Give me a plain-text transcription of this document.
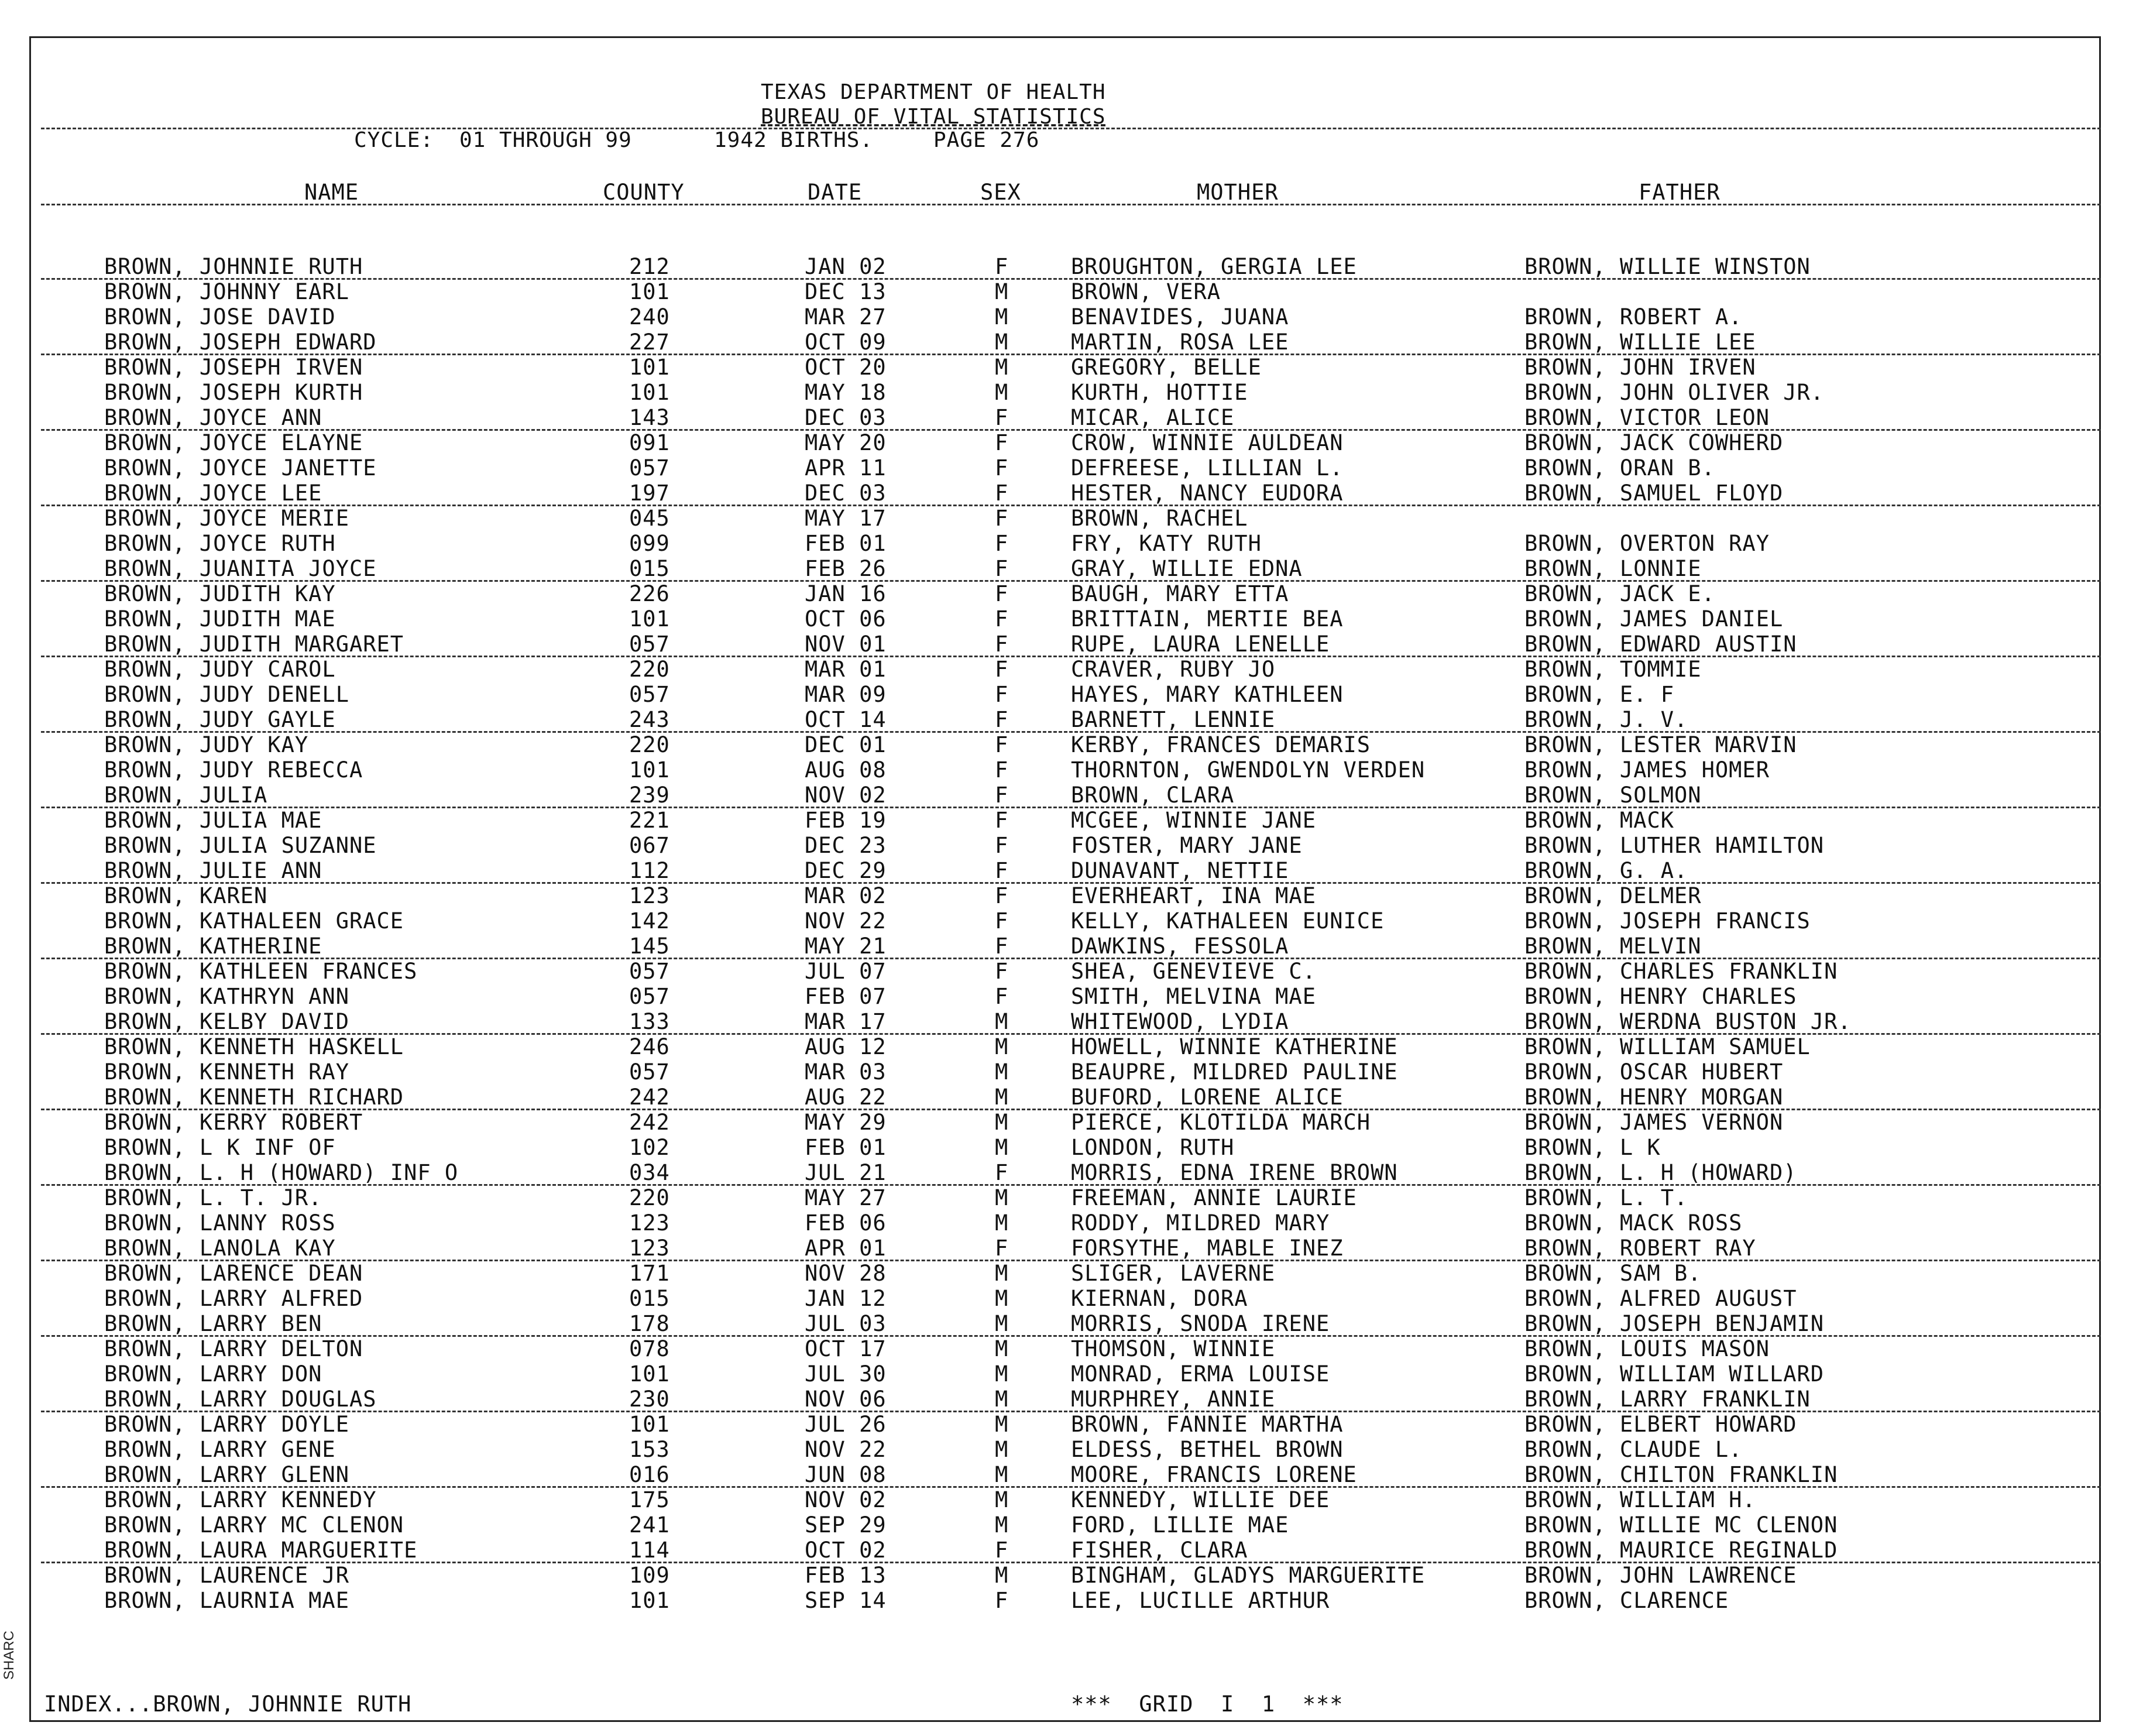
SHARC
TEXAS DEPARTMENT OF HEALTH
BUREAU OF VITAL STATISTICS
CYCLE: 01 THROUGH 99	1942 BIRTHS.	PAGE 276
NAME	COUNTY	DATE	SEX	MOTHER	FATHER
BROWN, JOHNNIE RUTH	212	JAN 02	F	BROUGHTON, GERGIA LEE	BROWN, WILLIE WINSTON
BROWN, JOHNNY EARL	101	DEC 13	M	BROWN, VERA
BROWN, JOSE DAVID	240	MAR 27	M	BENAVIDES, JUANA	BROWN, ROBERT A.
BROWN, JOSEPH EDWARD	227	OCT 09	M	MARTIN, ROSA LEE	BROWN, WILLIE LEE
BROWN, JOSEPH IRVEN	101	OCT 20	M	GREGORY, BELLE	BROWN, JOHN IRVEN
BROWN, JOSEPH KURTH	101	MAY 18	M	KURTH, HOTTIE	BROWN, JOHN OLIVER JR.
BROWN, JOYCE ANN	143	DEC 03	F	MICAR, ALICE	BROWN, VICTOR LEON
BROWN, JOYCE ELAYNE	091	MAY 20	F	CROW, WINNIE AULDEAN	BROWN, JACK COWHERD
BROWN, JOYCE JANETTE	057	APR 11	F	DEFREESE, LILLIAN L.	BROWN, ORAN B.
BROWN, JOYCE LEE	197	DEC 03	F	HESTER, NANCY EUDORA	BROWN, SAMUEL FLOYD
BROWN, JOYCE MERIE	045	MAY 17	F	BROWN, RACHEL
BROWN, JOYCE RUTH	099	FEB 01	F	FRY, KATY RUTH	BROWN, OVERTON RAY
BROWN, JUANITA JOYCE	015	FEB 26	F	GRAY, WILLIE EDNA	BROWN, LONNIE
BROWN, JUDITH KAY	226	JAN 16	F	BAUGH, MARY ETTA	BROWN, JACK E.
BROWN, JUDITH MAE	101	OCT 06	F	BRITTAIN, MERTIE BEA	BROWN, JAMES DANIEL
BROWN, JUDITH MARGARET	057	NOV 01	F	RUPE, LAURA LENELLE	BROWN, EDWARD AUSTIN
BROWN, JUDY CAROL	220	MAR 01	F	CRAVER, RUBY JO	BROWN, TOMMIE
BROWN, JUDY DENELL	057	MAR 09	F	HAYES, MARY KATHLEEN	BROWN, E. F
BROWN, JUDY GAYLE	243	OCT 14	F	BARNETT, LENNIE	BROWN, J. V.
BROWN, JUDY KAY	220	DEC 01	F	KERBY, FRANCES DEMARIS	BROWN, LESTER MARVIN
BROWN, JUDY REBECCA	101	AUG 08	F	THORNTON, GWENDOLYN VERDEN	BROWN, JAMES HOMER
BROWN, JULIA	239	NOV 02	F	BROWN, CLARA	BROWN, SOLMON
BROWN, JULIA MAE	221	FEB 19	F	MCGEE, WINNIE JANE	BROWN, MACK
BROWN, JULIA SUZANNE	067	DEC 23	F	FOSTER, MARY JANE	BROWN, LUTHER HAMILTON
BROWN, JULIE ANN	112	DEC 29	F	DUNAVANT, NETTIE	BROWN, G. A.
BROWN, KAREN	123	MAR 02	F	EVERHEART, INA MAE	BROWN, DELMER
BROWN, KATHALEEN GRACE	142	NOV 22	F	KELLY, KATHALEEN EUNICE	BROWN, JOSEPH FRANCIS
BROWN, KATHERINE	145	MAY 21	F	DAWKINS, FESSOLA	BROWN, MELVIN
BROWN, KATHLEEN FRANCES	057	JUL 07	F	SHEA, GENEVIEVE C.	BROWN, CHARLES FRANKLIN
BROWN, KATHRYN ANN	057	FEB 07	F	SMITH, MELVINA MAE	BROWN, HENRY CHARLES
BROWN, KELBY DAVID	133	MAR 17	M	WHITEWOOD, LYDIA	BROWN, WERDNA BUSTON JR.
BROWN, KENNETH HASKELL	246	AUG 12	M	HOWELL, WINNIE KATHERINE	BROWN, WILLIAM SAMUEL
BROWN, KENNETH RAY	057	MAR 03	M	BEAUPRE, MILDRED PAULINE	BROWN, OSCAR HUBERT
BROWN, KENNETH RICHARD	242	AUG 22	M	BUFORD, LORENE ALICE	BROWN, HENRY MORGAN
BROWN, KERRY ROBERT	242	MAY 29	M	PIERCE, KLOTILDA MARCH	BROWN, JAMES VERNON
BROWN, L K INF OF	102	FEB 01	M	LONDON, RUTH	BROWN, L K
BROWN, L. H (HOWARD) INF O	034	JUL 21	F	MORRIS, EDNA IRENE BROWN	BROWN, L. H (HOWARD)
BROWN, L. T. JR.	220	MAY 27	M	FREEMAN, ANNIE LAURIE	BROWN, L. T.
BROWN, LANNY ROSS	123	FEB 06	M	RODDY, MILDRED MARY	BROWN, MACK ROSS
BROWN, LANOLA KAY	123	APR 01	F	FORSYTHE, MABLE INEZ	BROWN, ROBERT RAY
BROWN, LARENCE DEAN	171	NOV 28	M	SLIGER, LAVERNE	BROWN, SAM B.
BROWN, LARRY ALFRED	015	JAN 12	M	KIERNAN, DORA	BROWN, ALFRED AUGUST
BROWN, LARRY BEN	178	JUL 03	M	MORRIS, SNODA IRENE	BROWN, JOSEPH BENJAMIN
BROWN, LARRY DELTON	078	OCT 17	M	THOMSON, WINNIE	BROWN, LOUIS MASON
BROWN, LARRY DON	101	JUL 30	M	MONRAD, ERMA LOUISE	BROWN, WILLIAM WILLARD
BROWN, LARRY DOUGLAS	230	NOV 06	M	MURPHREY, ANNIE	BROWN, LARRY FRANKLIN
BROWN, LARRY DOYLE	101	JUL 26	M	BROWN, FANNIE MARTHA	BROWN, ELBERT HOWARD
BROWN, LARRY GENE	153	NOV 22	M	ELDESS, BETHEL BROWN	BROWN, CLAUDE L.
BROWN, LARRY GLENN	016	JUN 08	M	MOORE, FRANCIS LORENE	BROWN, CHILTON FRANKLIN
BROWN, LARRY KENNEDY	175	NOV 02	M	KENNEDY, WILLIE DEE	BROWN, WILLIAM H.
BROWN, LARRY MC CLENON	241	SEP 29	M	FORD, LILLIE MAE	BROWN, WILLIE MC CLENON
BROWN, LAURA MARGUERITE	114	OCT 02	F	FISHER, CLARA	BROWN, MAURICE REGINALD
BROWN, LAURENCE JR	109	FEB 13	M	BINGHAM, GLADYS MARGUERITE	BROWN, JOHN LAWRENCE
BROWN, LAURNIA MAE	101	SEP 14	F	LEE, LUCILLE ARTHUR	BROWN, CLARENCE
INDEX...BROWN, JOHNNIE RUTH	***  GRID  I  1  ***
